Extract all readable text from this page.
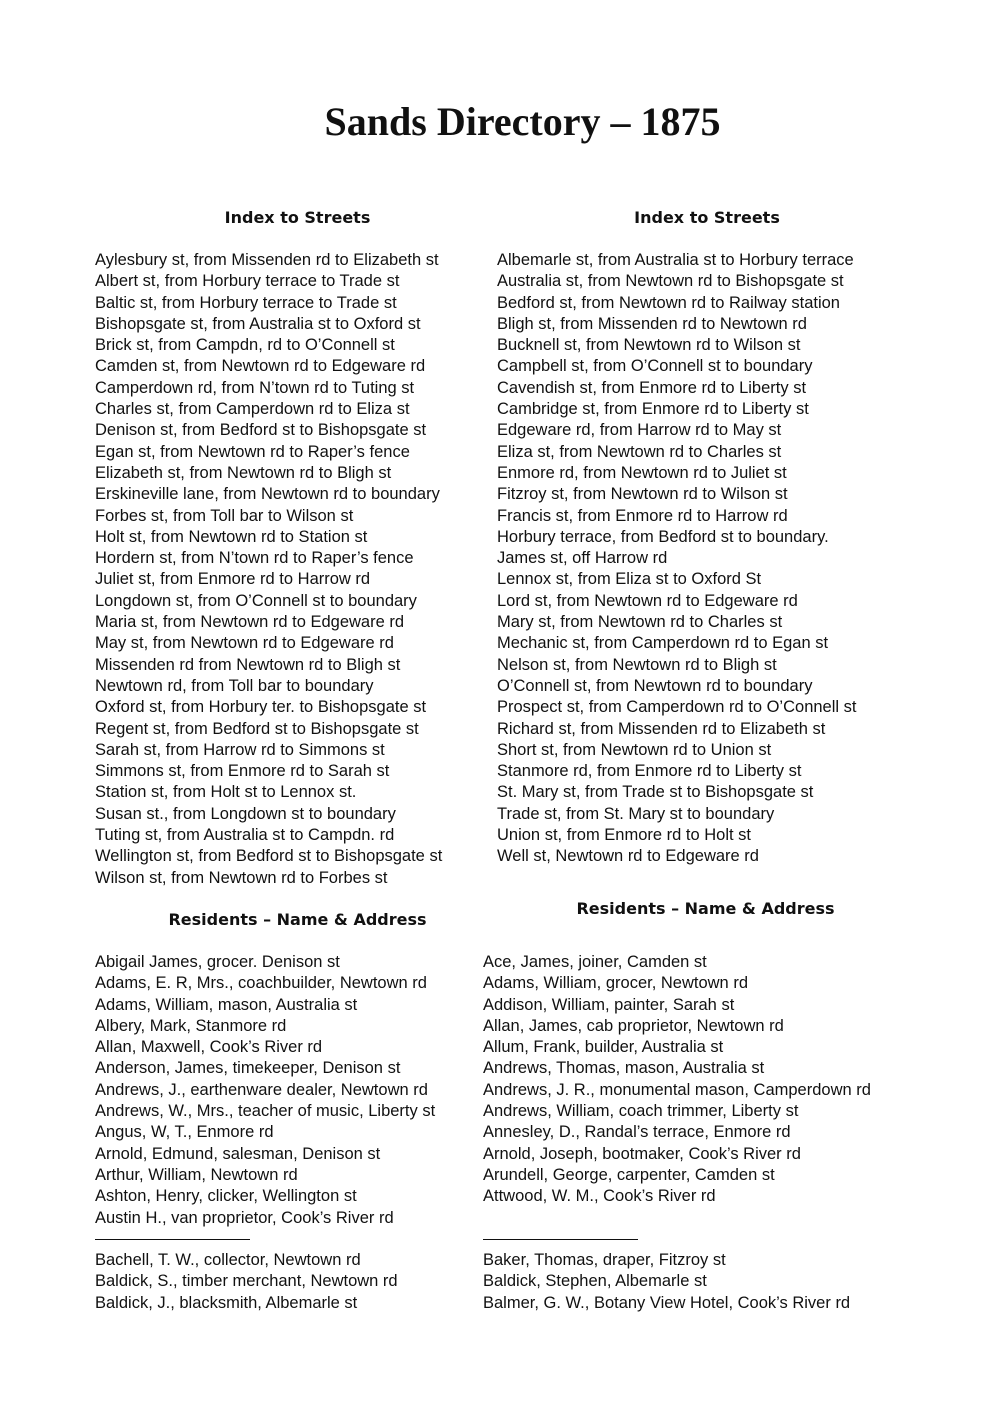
Sands Directory – 1875
Index to Streets	Index to Streets
Aylesbury st, from Missenden rd to Elizabeth st
Albert st, from Horbury terrace to Trade st
Baltic st, from Horbury terrace to Trade st
Bishopsgate st, from Australia st to Oxford st
Brick st, from Campdn, rd to O’Connell st
Camden st, from Newtown rd to Edgeware rd
Camperdown rd, from N’town rd to Tuting st
Charles st, from Camperdown rd to Eliza st
Denison st, from Bedford st to Bishopsgate st
Egan st, from Newtown rd to Raper’s fence
Elizabeth st, from Newtown rd to Bligh st
Erskineville lane, from Newtown rd to boundary
Forbes st, from Toll bar to Wilson st
Holt st, from Newtown rd to Station st
Hordern st, from N’town rd to Raper’s fence
Juliet st, from Enmore rd to Harrow rd
Longdown st, from O’Connell st to boundary
Maria st, from Newtown rd to Edgeware rd
May st, from Newtown rd to Edgeware rd
Missenden rd from Newtown rd to Bligh st
Newtown rd, from Toll bar to boundary
Oxford st, from Horbury ter. to Bishopsgate st
Regent st, from Bedford st to Bishopsgate st
Sarah st, from Harrow rd to Simmons st
Simmons st, from Enmore rd to Sarah st
Station st, from Holt st to Lennox st.
Susan st., from Longdown st to boundary
Tuting st, from Australia st to Campdn. rd
Wellington st, from Bedford st to Bishopsgate st
Wilson st, from Newtown rd to Forbes st
Albemarle st, from Australia st to Horbury terrace
Australia st, from Newtown rd to Bishopsgate st
Bedford st, from Newtown rd to Railway station
Bligh st, from Missenden rd to Newtown rd
Bucknell st, from Newtown rd to Wilson st
Campbell st, from O’Connell st to boundary
Cavendish st, from Enmore rd to Liberty st
Cambridge st, from Enmore rd to Liberty st
Edgeware rd, from Harrow rd to May st
Eliza st, from Newtown rd to Charles st
Enmore rd, from Newtown rd to Juliet st
Fitzroy st, from Newtown rd to Wilson st
Francis st, from Enmore rd to Harrow rd
Horbury terrace, from Bedford st to boundary.
James st, off Harrow rd
Lennox st, from Eliza st to Oxford St
Lord st, from Newtown rd to Edgeware rd
Mary st, from Newtown rd to Charles st
Mechanic st, from Camperdown rd to Egan st
Nelson st, from Newtown rd to Bligh st
O’Connell st, from Newtown rd to boundary
Prospect st, from Camperdown rd to O’Connell st
Richard st, from Missenden rd to Elizabeth st
Short st, from Newtown rd to Union st
Stanmore rd, from Enmore rd to Liberty st
St. Mary st, from Trade st to Bishopsgate st
Trade st, from St. Mary st to boundary
Union st, from Enmore rd to Holt st
Well st, Newtown rd to Edgeware rd
Residents – Name & Address
Residents – Name & Address
Abigail James, grocer. Denison st
Adams, E. R, Mrs., coachbuilder, Newtown rd
Adams, William, mason, Australia st
Albery, Mark, Stanmore rd
Allan, Maxwell, Cook’s River rd
Anderson, James, timekeeper, Denison st
Andrews, J., earthenware dealer, Newtown rd
Andrews, W., Mrs., teacher of music, Liberty st
Angus, W, T., Enmore rd
Arnold, Edmund, salesman, Denison st
Arthur, William, Newtown rd
Ashton, Henry, clicker, Wellington st
Austin H., van proprietor, Cook’s River rd
Bachell, T. W., collector, Newtown rd
Baldick, S., timber merchant, Newtown rd
Baldick, J., blacksmith, Albemarle st
Ace, James, joiner, Camden st
Adams, William, grocer, Newtown rd
Addison, William, painter, Sarah st
Allan, James, cab proprietor, Newtown rd
Allum, Frank, builder, Australia st
Andrews, Thomas, mason, Australia st
Andrews, J. R., monumental mason, Camperdown rd
Andrews, William, coach trimmer, Liberty st
Annesley, D., Randal’s terrace, Enmore rd
Arnold, Joseph, bootmaker, Cook’s River rd
Arundell, George, carpenter, Camden st
Attwood, W. M., Cook’s River rd
Baker, Thomas, draper, Fitzroy st
Baldick, Stephen, Albemarle st
Balmer, G. W., Botany View Hotel, Cook’s River rd
